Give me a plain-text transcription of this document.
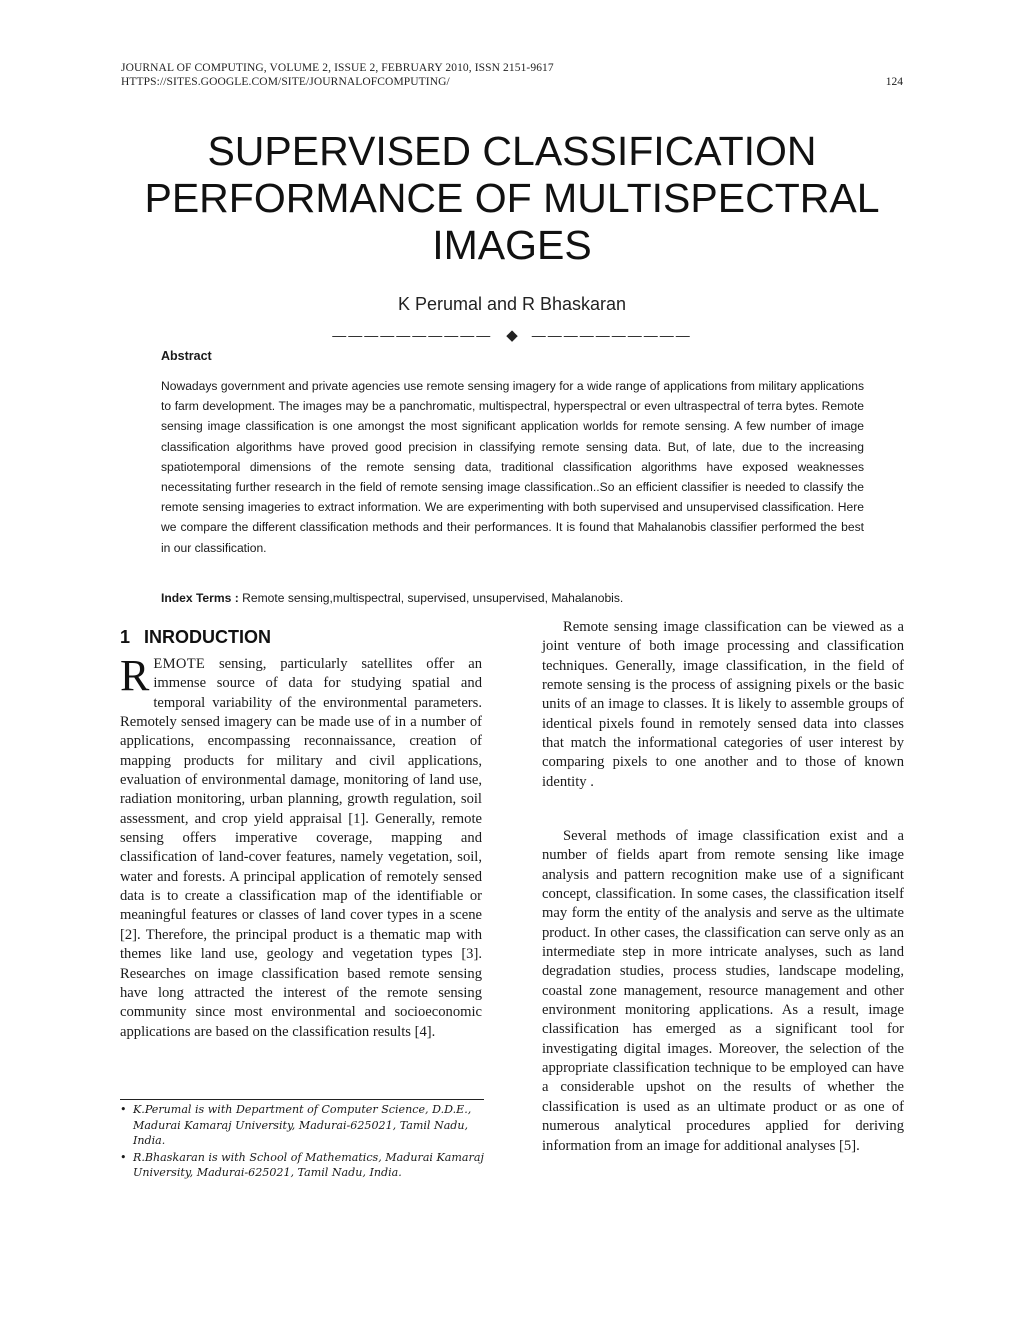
JOURNAL OF COMPUTING, VOLUME 2, ISSUE 2, FEBRUARY 2010, ISSN 2151-9617
HTTPS://SITES.GOOGLE.COM/SITE/JOURNALOFCOMPUTING/	124
SUPERVISED CLASSIFICATION
PERFORMANCE OF MULTISPECTRAL
IMAGES
K Perumal and R Bhaskaran
—————————— ◆ ——————————
Abstract

Nowadays government and private agencies use remote sensing imagery for a wide range of applications from military applications to farm development. The images may be a panchromatic, multispectral, hyperspectral or even ultraspectral of terra bytes. Remote sensing image classification is one amongst the most significant application worlds for remote sensing. A few number of image classification algorithms have proved good precision in classifying remote sensing data. But, of late, due to the increasing spatiotemporal dimensions of the remote sensing data, traditional classification algorithms have exposed weaknesses necessitating further research in the field of remote sensing image classification..So an efficient classifier is needed to classify the remote sensing imageries to extract information. We are experimenting with both supervised and unsupervised classification. Here we compare the different classification methods and their performances. It is found that Mahalanobis classifier performed the best in our classification.

Index Terms : Remote sensing,multispectral, supervised, unsupervised, Mahalanobis.
1 INRODUCTION

REMOTE sensing, particularly satellites offer an immense source of data for studying spatial and temporal variability of the environmental parameters. Remotely sensed imagery can be made use of in a number of applications, encompassing reconnaissance, creation of mapping products for military and civil applications, evaluation of environmental damage, monitoring of land use, radiation monitoring, urban planning, growth regulation, soil assessment, and crop yield appraisal [1]. Generally, remote sensing offers imperative coverage, mapping and classification of land-cover features, namely vegetation, soil, water and forests. A principal application of remotely sensed data is to create a classification map of the identifiable or meaningful features or classes of land cover types in a scene [2]. Therefore, the principal product is a thematic map with themes like land use, geology and vegetation types [3]. Researches on image classification based remote sensing have long attracted the interest of the remote sensing community since most environmental and socioeconomic applications are based on the classification results [4].

• K.Perumal is with Department of Computer Science, D.D.E., Madurai Kamaraj University, Madurai-625021, Tamil Nadu, India.
• R.Bhaskaran is with School of Mathematics, Madurai Kamaraj University, Madurai-625021, Tamil Nadu, India.

Remote sensing image classification can be viewed as a joint venture of both image processing and classification techniques. Generally, image classification, in the field of remote sensing is the process of assigning pixels or the basic units of an image to classes. It is likely to assemble groups of identical pixels found in remotely sensed data into classes that match the informational categories of user interest by comparing pixels to one another and to those of known identity .

Several methods of image classification exist and a number of fields apart from remote sensing like image analysis and pattern recognition make use of a significant concept, classification. In some cases, the classification itself may form the entity of the analysis and serve as the ultimate product. In other cases, the classification can serve only as an intermediate step in more intricate analyses, such as land degradation studies, process studies, landscape modeling, coastal zone management, resource management and other environment monitoring applications. As a result, image classification has emerged as a significant tool for investigating digital images. Moreover, the selection of the appropriate classification technique to be employed can have a considerable upshot on the results of whether the classification is used as an ultimate product or as one of numerous analytical procedures applied for deriving information from an image for additional analyses [5].
